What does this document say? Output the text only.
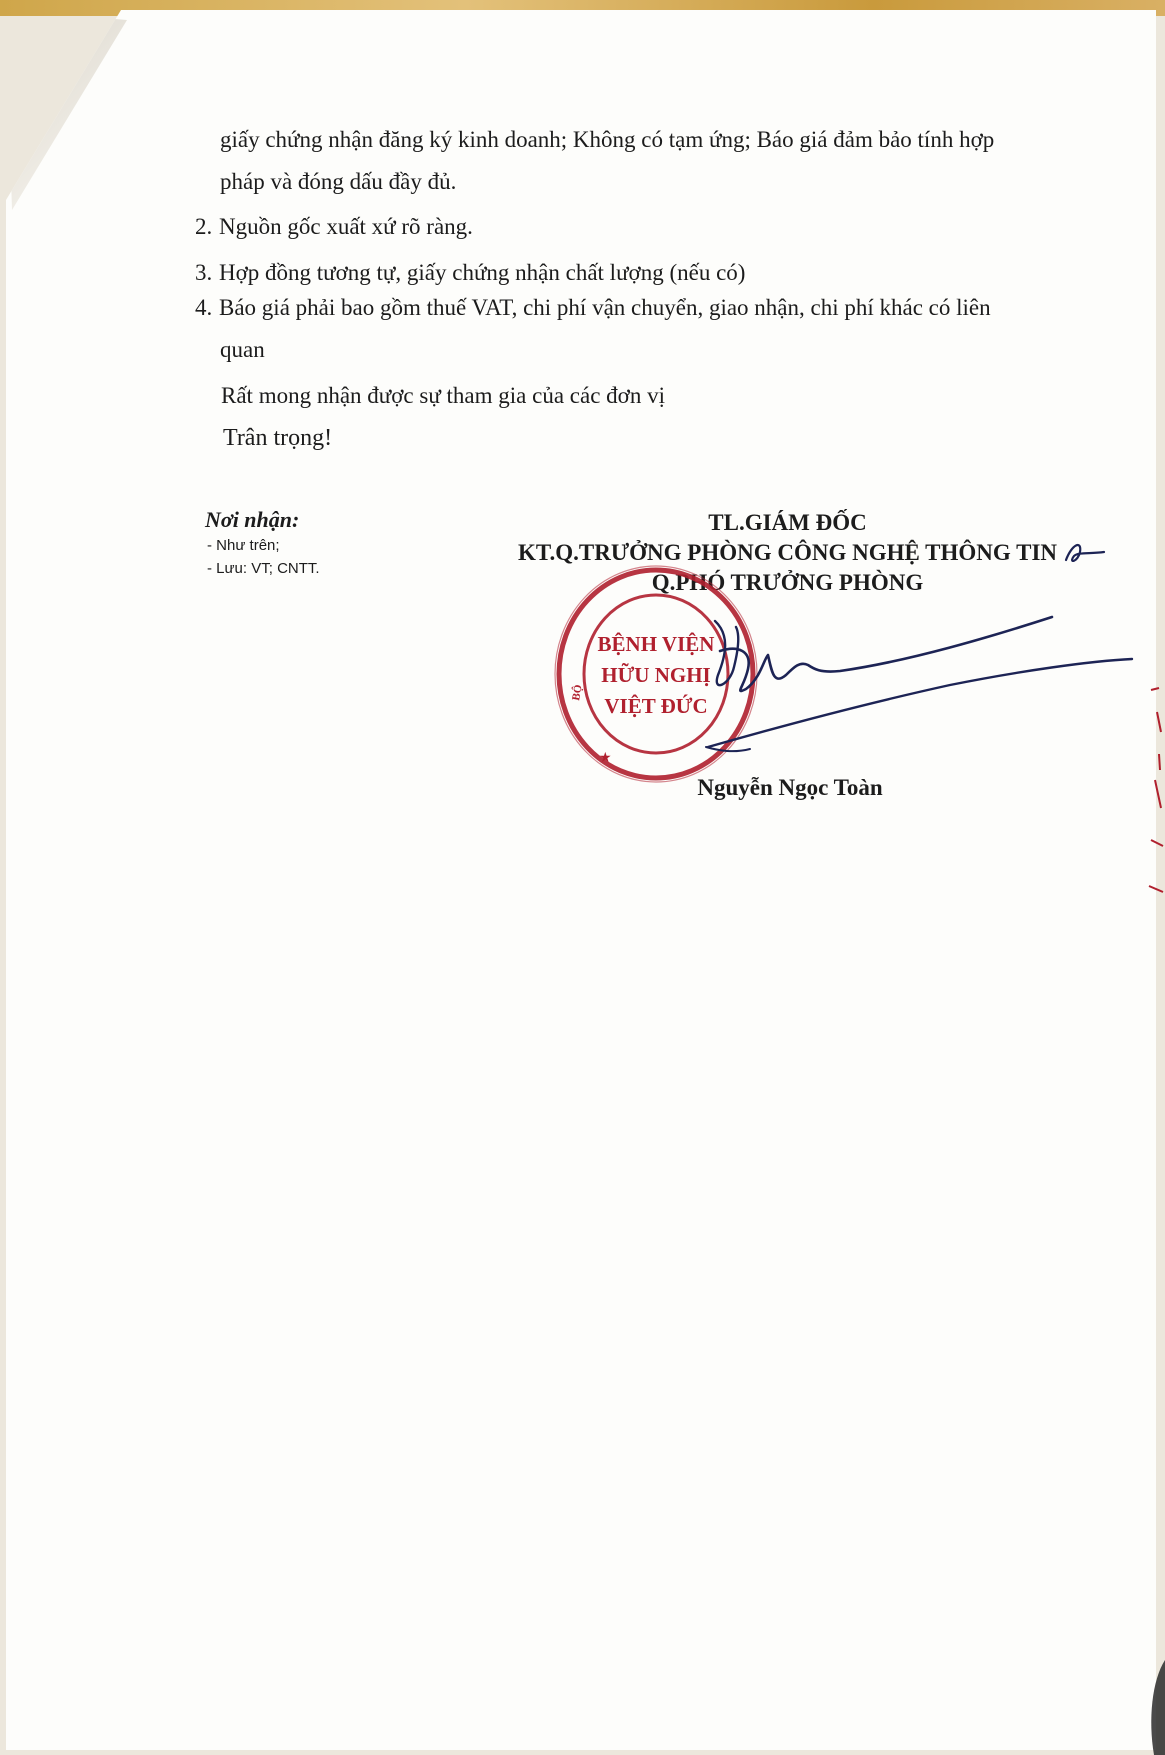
giấy chứng nhận đăng ký kinh doanh; Không có tạm ứng; Báo giá đảm bảo tính hợp
pháp và đóng dấu đầy đủ.
2. Nguồn gốc xuất xứ rõ ràng.
3. Hợp đồng tương tự, giấy chứng nhận chất lượng (nếu có)
4. Báo giá phải bao gồm thuế VAT, chi phí vận chuyển, giao nhận, chi phí khác có liên
quan
Rất mong nhận được sự tham gia của các đơn vị
Trân trọng!
Nơi nhận:
- Như trên;
- Lưu: VT; CNTT.
TL.GIÁM ĐỐC
KT.Q.TRƯỞNG PHÒNG CÔNG NGHỆ THÔNG TIN
Q.PHÓ TRƯỞNG PHÒNG
BỘ
★
BỆNH VIỆN
HỮU NGHỊ
VIỆT ĐỨC
Nguyễn Ngọc Toàn
